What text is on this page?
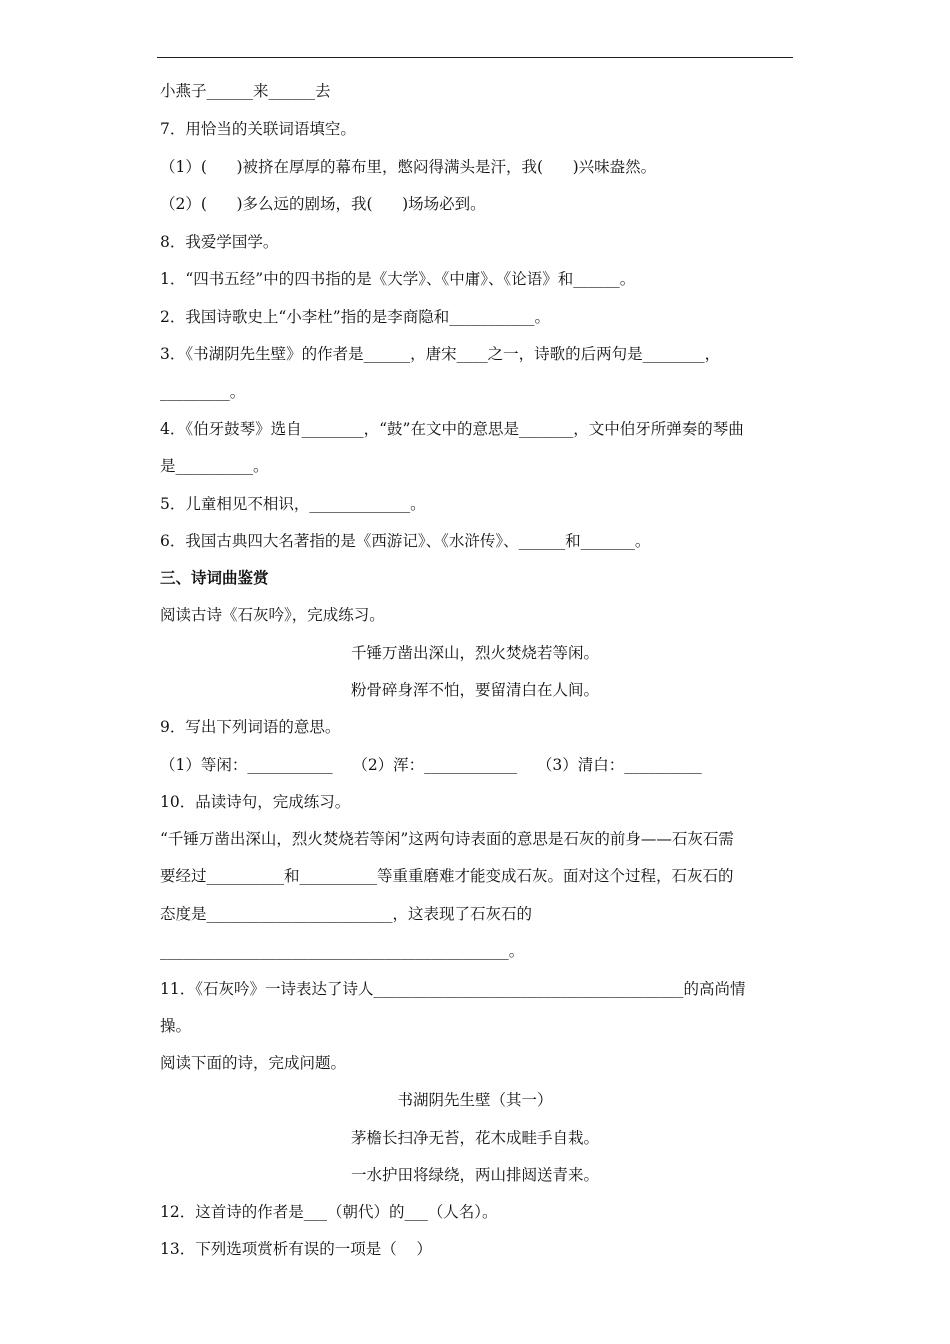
小燕子______来______去
7．用恰当的关联词语填空。
（1）(      )被挤在厚厚的幕布里，憋闷得满头是汗，我(      )兴味盎然。
（2）(      )多么远的剧场，我(      )场场必到。
8．我爱学国学。
1．“四书五经”中的四书指的是《大学》、《中庸》、《论语》和______。
2．我国诗歌史上“小李杜”指的是李商隐和___________。
3．《书湖阴先生壁》的作者是______，唐宋____之一，诗歌的后两句是________，
_________。
4．《伯牙鼓琴》选自________，“鼓”在文中的意思是_______，文中伯牙所弹奏的琴曲
是__________。
5．儿童相见不相识，_____________。
6．我国古典四大名著指的是《西游记》、《水浒传》、______和_______。
三、诗词曲鉴赏
阅读古诗《石灰吟》，完成练习。
千锤万凿出深山，烈火焚烧若等闲。
粉骨碎身浑不怕，要留清白在人间。
9．写出下列词语的意思。
（1）等闲：___________    （2）浑：____________    （3）清白：__________
10．品读诗句，完成练习。
“千锤万凿出深山，烈火焚烧若等闲”这两句诗表面的意思是石灰的前身——石灰石需
要经过__________和__________等重重磨难才能变成石灰。面对这个过程，石灰石的
态度是________________________，这表现了石灰石的
_____________________________________________。
11．《石灰吟》一诗表达了诗人________________________________________的高尚情
操。
阅读下面的诗，完成问题。
书湖阴先生壁（其一）
茅檐长扫净无苔，花木成畦手自栽。
一水护田将绿绕，两山排闼送青来。
12．这首诗的作者是___（朝代）的___（人名）。
13．下列选项赏析有误的一项是（    ）
